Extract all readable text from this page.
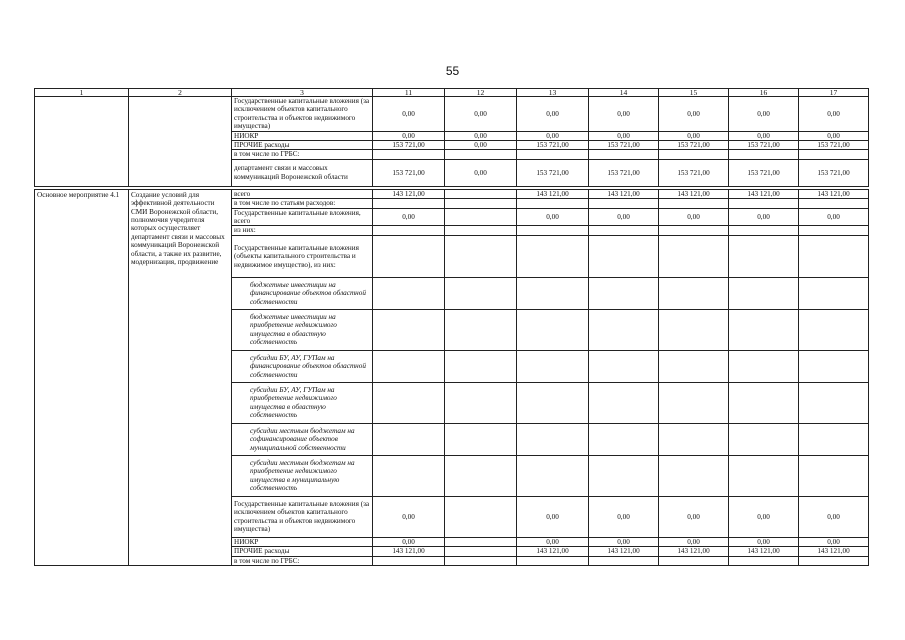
55
1	2	3	11	12	13	14	15	16	17
		Государственные капитальные вложения (за исключением объектов капитального строительства и объектов недвижимого имущества)	0,00	0,00	0,00	0,00	0,00	0,00	0,00
		НИОКР	0,00	0,00	0,00	0,00	0,00	0,00	0,00
		ПРОЧИЕ расходы	153 721,00	0,00	153 721,00	153 721,00	153 721,00	153 721,00	153 721,00
		в том числе по ГРБС:							
		департамент связи и массовых коммуникаций Воронежской области	153 721,00	0,00	153 721,00	153 721,00	153 721,00	153 721,00	153 721,00

Основное мероприятие 4.1	Создание условий для эффективной деятельности СМИ Воронежской области, полномочия учредителя которых осуществляет департамент связи и массовых коммуникаций Воронежской области, а также их развитие, модернизация, продвижение	всего	143 121,00		143 121,00	143 121,00	143 121,00	143 121,00	143 121,00
		в том числе по статьям расходов:							
		Государственные капитальные вложения, всего	0,00		0,00	0,00	0,00	0,00	0,00
		из них:							
		Государственные капитальные вложения (объекты капитального строительства и недвижимое имущество), из них:							
		бюджетные инвестиции на финансирование объектов областной собственности							
		бюджетные инвестиции на приобретение недвижимого имущества в областную собственность							
		субсидии БУ, АУ, ГУПам на финансирование объектов областной собственности							
		субсидии БУ, АУ, ГУПам на приобретение недвижимого имущества в областную собственность							
		субсидии местным бюджетам на софинансирование объектов муниципальной собственности							
		субсидии местным бюджетам на приобретение недвижимого имущества в муниципальную собственность							
		Государственные капитальные вложения (за исключением объектов капитального строительства и объектов недвижимого имущества)	0,00		0,00	0,00	0,00	0,00	0,00
		НИОКР	0,00		0,00	0,00	0,00	0,00	0,00
		ПРОЧИЕ расходы	143 121,00		143 121,00	143 121,00	143 121,00	143 121,00	143 121,00
		в том числе по ГРБС:							
